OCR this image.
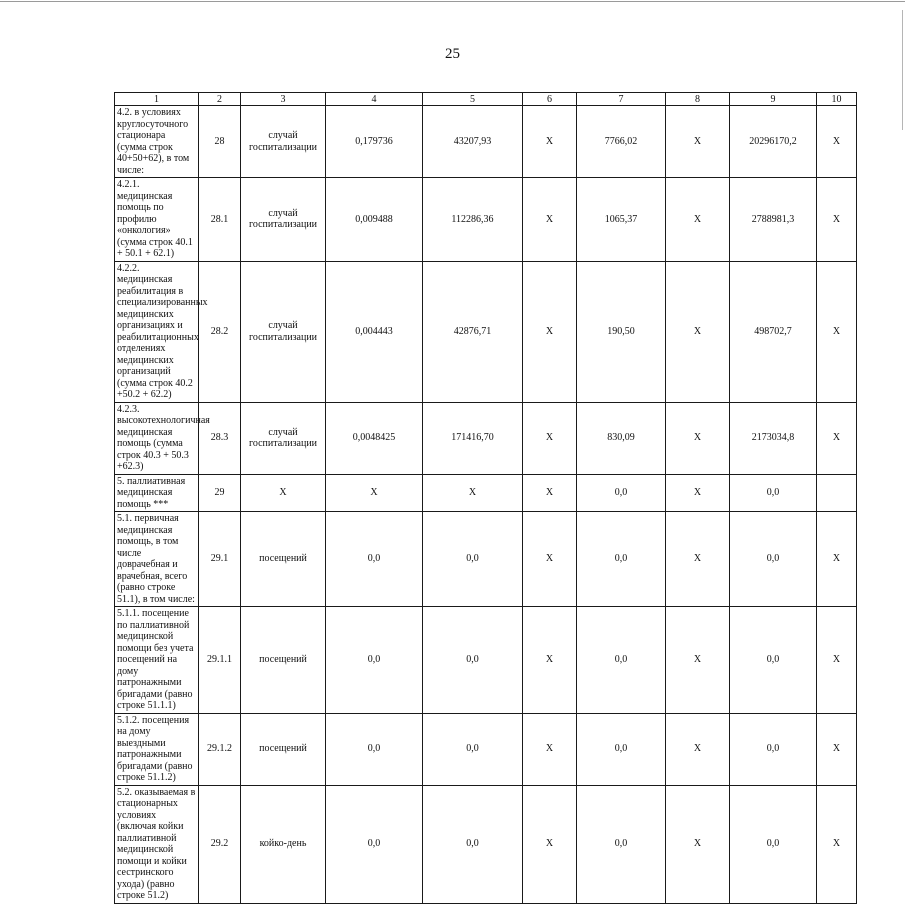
25
1	2	3	4	5	6	7	8	9	10
4.2. в условиях круглосуточного стационара (сумма строк 40+50+62), в том числе:	28	случай госпитализации	0,179736	43207,93	Х	7766,02	Х	20296170,2	Х
4.2.1. медицинская помощь по профилю «онкология» (сумма строк 40.1 + 50.1 + 62.1)	28.1	случай госпитализации	0,009488	112286,36	Х	1065,37	Х	2788981,3	Х
4.2.2. медицинская реабилитация в специализированных медицинских организациях и реабилитационных отделениях медицинских организаций (сумма строк 40.2 +50.2 + 62.2)	28.2	случай госпитализации	0,004443	42876,71	Х	190,50	Х	498702,7	Х
4.2.3. высокотехнологичная медицинская помощь (сумма строк 40.3 + 50.3 +62.3)	28.3	случай госпитализации	0,0048425	171416,70	Х	830,09	Х	2173034,8	Х
5. паллиативная медицинская помощь ***	29	Х	Х	Х	Х	0,0	Х	0,0	
5.1. первичная медицинская помощь, в том числе доврачебная и врачебная, всего (равно строке 51.1), в том числе:	29.1	посещений	0,0	0,0	Х	0,0	Х	0,0	Х
5.1.1. посещение по паллиативной медицинской помощи без учета посещений на дому патронажными бригадами (равно строке 51.1.1)	29.1.1	посещений	0,0	0,0	Х	0,0	Х	0,0	Х
5.1.2. посещения на дому выездными патронажными бригадами (равно строке 51.1.2)	29.1.2	посещений	0,0	0,0	Х	0,0	Х	0,0	Х
5.2. оказываемая в стационарных условиях (включая койки паллиативной медицинской помощи и койки сестринского ухода) (равно строке 51.2)	29.2	койко-день	0,0	0,0	Х	0,0	Х	0,0	Х
